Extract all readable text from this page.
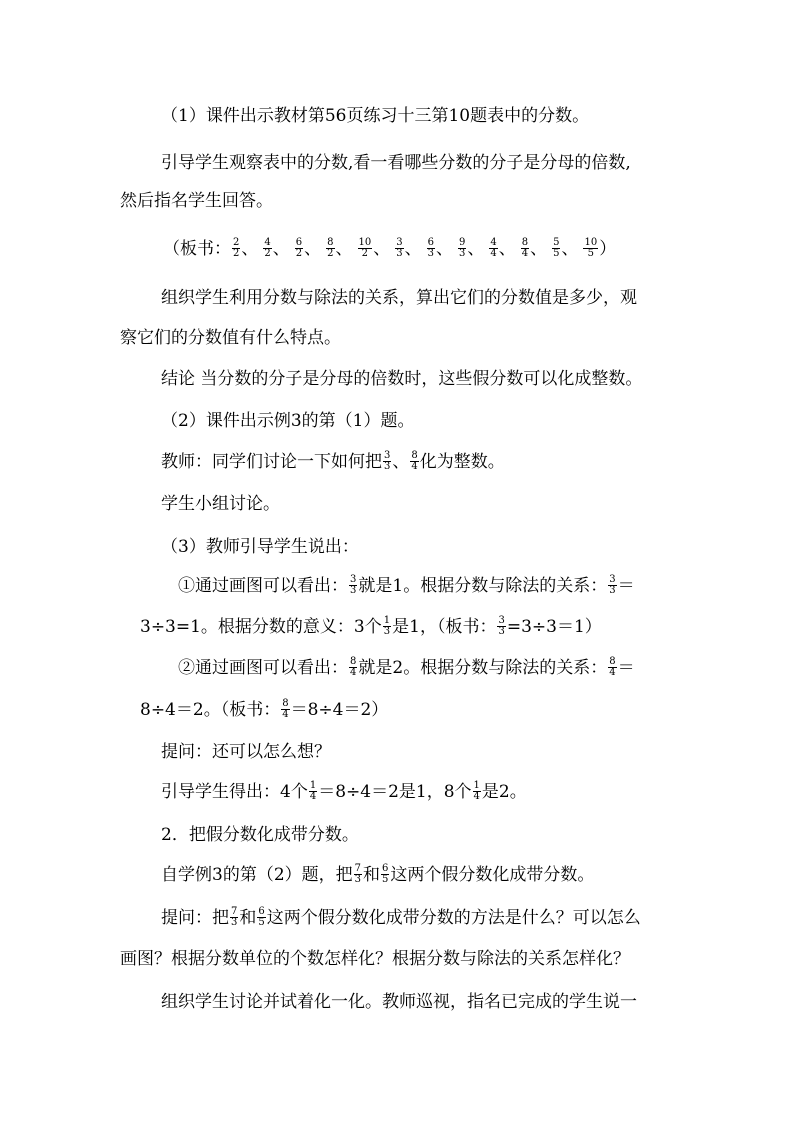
（1）课件出示教材第56页练习十三第10题表中的分数。
引导学生观察表中的分数,看一看哪些分数的分子是分母的倍数,
然后指名学生回答。
（板书： $\frac{2}{2}$ 、 $\frac{4}{2}$ 、 $\frac{6}{2}$ 、 $\frac{8}{2}$ 、 $\frac{10}{2}$ 、 $\frac{3}{3}$ 、 $\frac{6}{3}$ 、 $\frac{9}{3}$ 、 $\frac{4}{4}$ 、 $\frac{8}{4}$ 、 $\frac{5}{5}$ 、 $\frac{10}{5}$ ）
组织学生利用分数与除法的关系，算出它们的分数值是多少，观
察它们的分数值有什么特点。
结论 当分数的分子是分母的倍数时，这些假分数可以化成整数。
（2）课件出示例3的第（1）题。
教师：同学们讨论一下如何把 $\frac{3}{3}$ 、 $\frac{8}{4}$ 化为整数。
学生小组讨论。
（3）教师引导学生说出：
①通过画图可以看出： $\frac{3}{3}$ 就是1。根据分数与除法的关系： $\frac{3}{3}$ ＝
3÷3=1。根据分数的意义：3个 $\frac{1}{3}$ 是1，（板书： $\frac{3}{3} =3\div 3=1$）
②通过画图可以看出： $\frac{8}{4}$ 就是2。根据分数与除法的关系： $\frac{8}{4}$ ＝
8÷4＝2。（板书： $\frac{8}{4} =8\div 4=2$）
提问：还可以怎么想？
引导学生得出：4个 $\frac{1}{4} =8\div 4=2$是1，8个 $\frac{1}{4}$ 是2。
2．把假分数化成带分数。
自学例3的第（2）题，把 $\frac{7}{3}$ 和 $\frac{6}{5}$ 这两个假分数化成带分数。
提问：把 $\frac{7}{3}$ 和 $\frac{6}{5}$ 这两个假分数化成带分数的方法是什么？可以怎么
画图？根据分数单位的个数怎样化？根据分数与除法的关系怎样化？
组织学生讨论并试着化一化。教师巡视，指名已完成的学生说一
